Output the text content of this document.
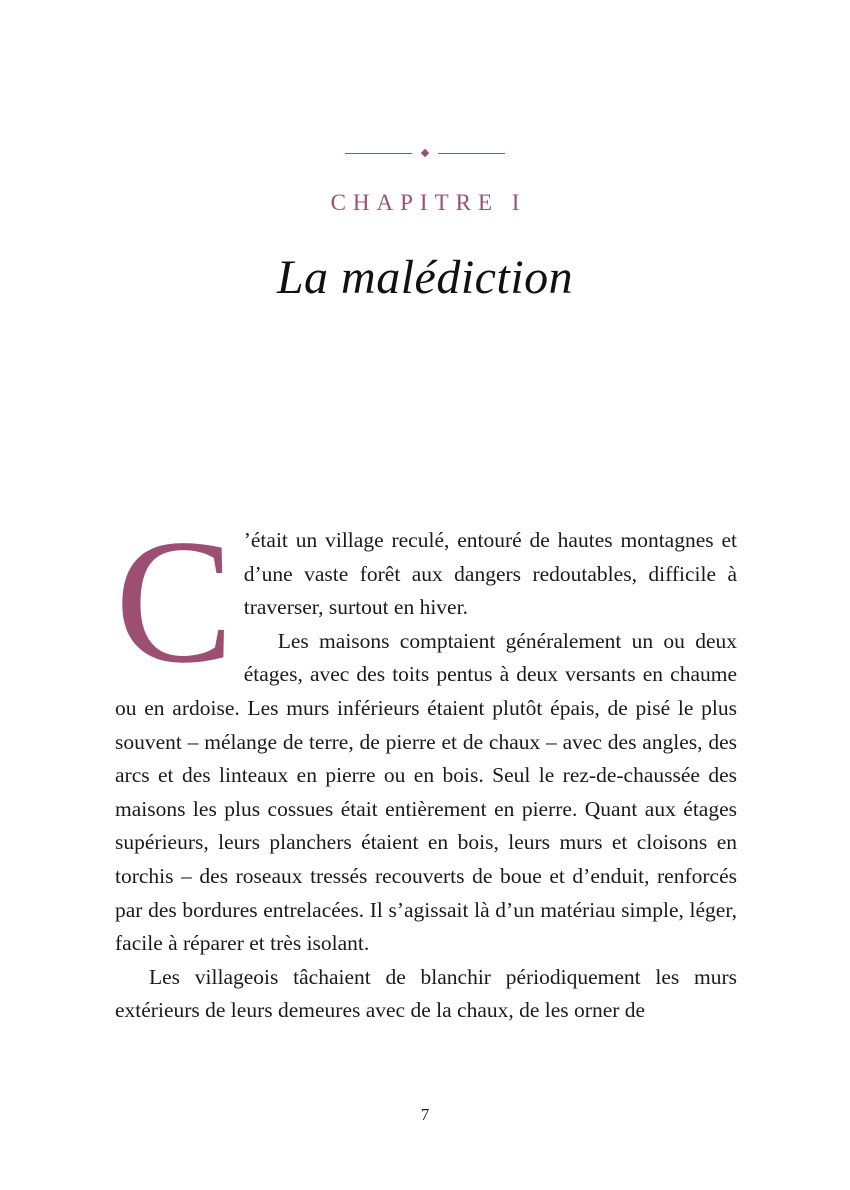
CHAPITRE I
La malédiction
C ’était un village reculé, entouré de hautes montagnes et d’une vaste forêt aux dangers redoutables, difficile à traverser, surtout en hiver.
Les maisons comptaient généralement un ou deux étages, avec des toits pentus à deux versants en chaume ou en ardoise. Les murs inférieurs étaient plutôt épais, de pisé le plus souvent – mélange de terre, de pierre et de chaux – avec des angles, des arcs et des linteaux en pierre ou en bois. Seul le rez-de-chaussée des maisons les plus cossues était entièrement en pierre. Quant aux étages supérieurs, leurs planchers étaient en bois, leurs murs et cloisons en torchis – des roseaux tressés recouverts de boue et d’enduit, renforcés par des bordures entrelacées. Il s’agissait là d’un matériau simple, léger, facile à réparer et très isolant.

Les villageois tâchaient de blanchir périodiquement les murs extérieurs de leurs demeures avec de la chaux, de les orner de

7
